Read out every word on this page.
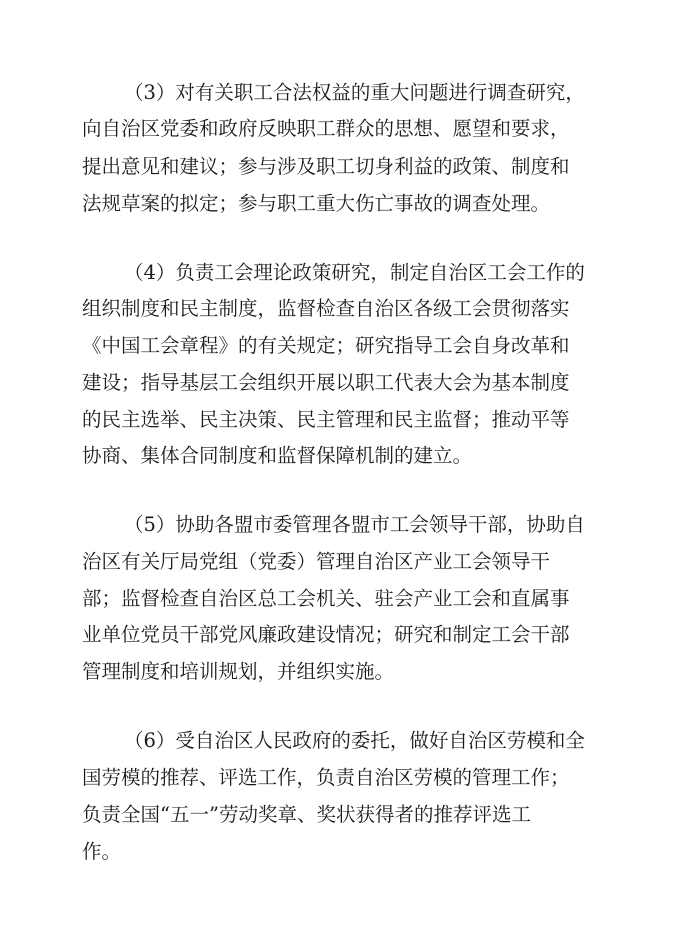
（3）对有关职工合法权益的重大问题进行调查研究，
向自治区党委和政府反映职工群众的思想、愿望和要求，
提出意见和建议；参与涉及职工切身利益的政策、制度和
法规草案的拟定；参与职工重大伤亡事故的调查处理。
（4）负责工会理论政策研究，制定自治区工会工作的
组织制度和民主制度，监督检查自治区各级工会贯彻落实
《中国工会章程》的有关规定；研究指导工会自身改革和
建设；指导基层工会组织开展以职工代表大会为基本制度
的民主选举、民主决策、民主管理和民主监督；推动平等
协商、集体合同制度和监督保障机制的建立。
（5）协助各盟市委管理各盟市工会领导干部，协助自
治区有关厅局党组（党委）管理自治区产业工会领导干
部；监督检查自治区总工会机关、驻会产业工会和直属事
业单位党员干部党风廉政建设情况；研究和制定工会干部
管理制度和培训规划，并组织实施。
（6）受自治区人民政府的委托，做好自治区劳模和全
国劳模的推荐、评选工作，负责自治区劳模的管理工作；
负责全国“五一”劳动奖章、奖状获得者的推荐评选工
作。
